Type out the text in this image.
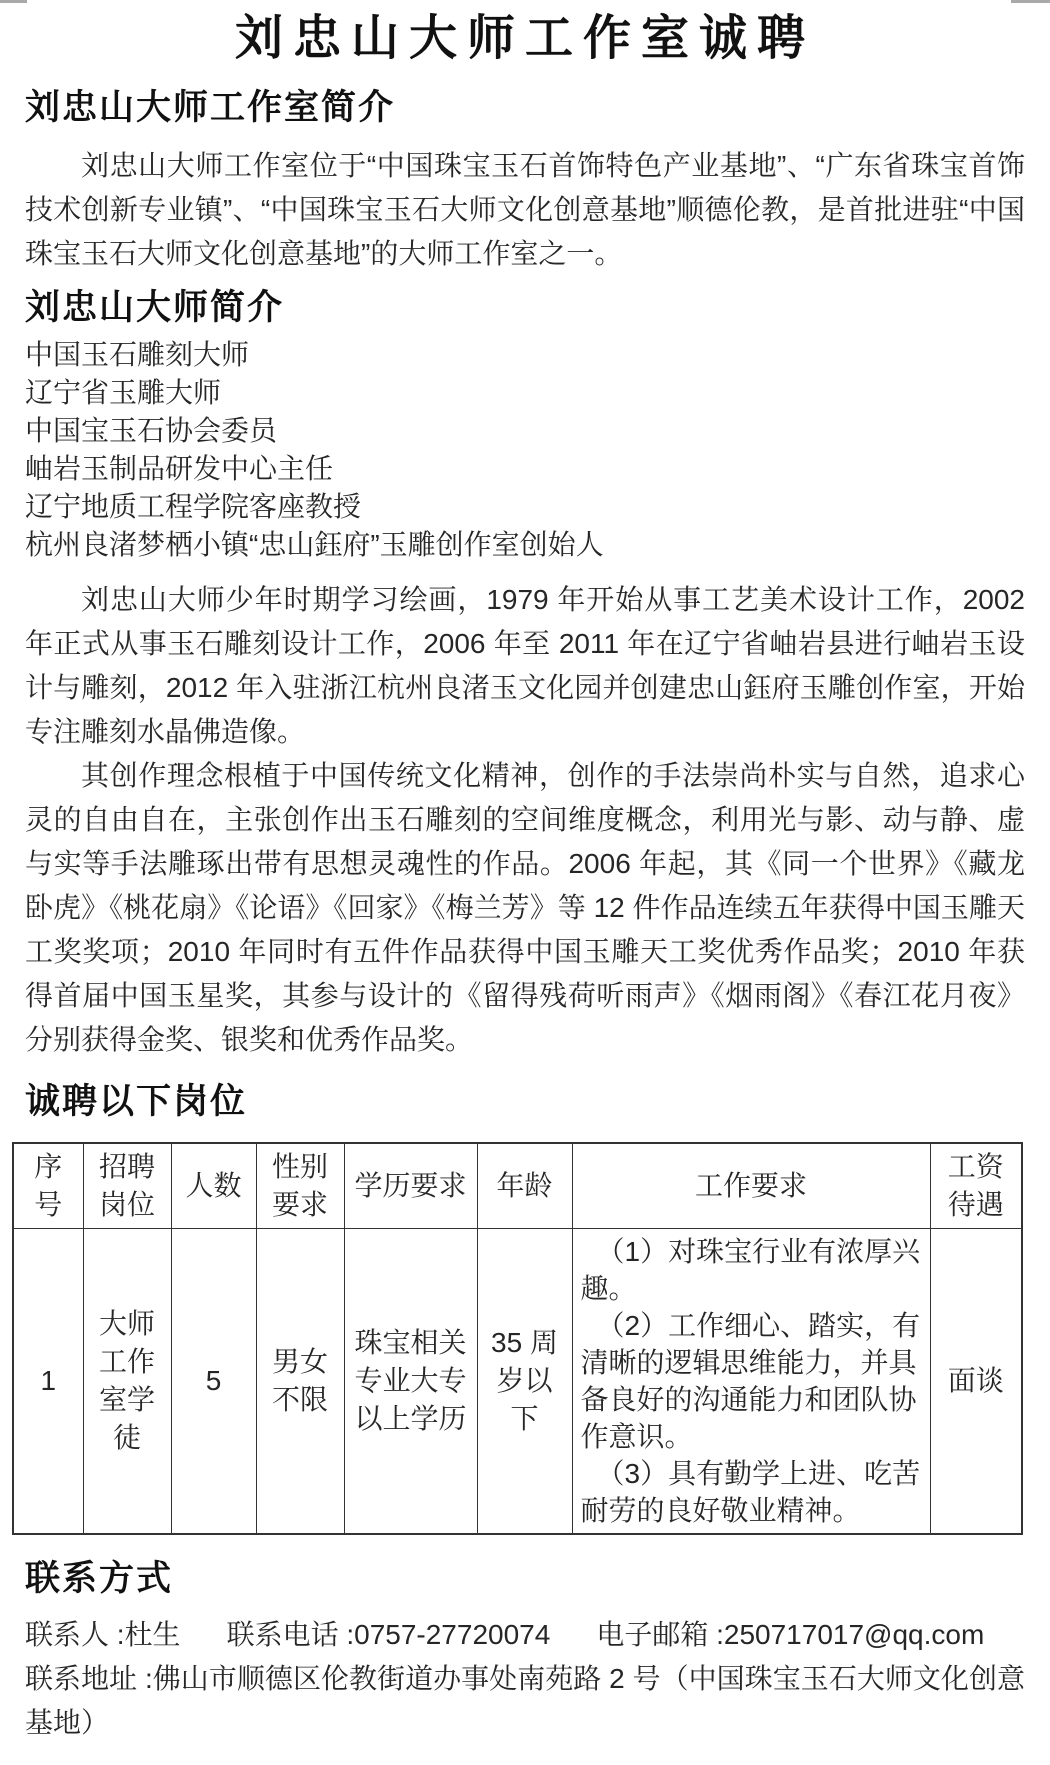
刘忠山大师工作室诚聘
刘忠山大师工作室简介

刘忠山大师工作室位于“中国珠宝玉石首饰特色产业基地”、“广东省珠宝首饰技术创新专业镇”、“中国珠宝玉石大师文化创意基地”顺德伦教，是首批进驻“中国珠宝玉石大师文化创意基地”的大师工作室之一。

刘忠山大师简介

中国玉石雕刻大师

辽宁省玉雕大师

中国宝玉石协会委员

岫岩玉制品研发中心主任

辽宁地质工程学院客座教授

杭州良渚梦栖小镇“忠山鈺府”玉雕创作室创始人

刘忠山大师少年时期学习绘画，1979 年开始从事工艺美术设计工作，2002 年正式从事玉石雕刻设计工作，2006 年至 2011 年在辽宁省岫岩县进行岫岩玉设计与雕刻，2012 年入驻浙江杭州良渚玉文化园并创建忠山鈺府玉雕创作室，开始专注雕刻水晶佛造像。

其创作理念根植于中国传统文化精神，创作的手法崇尚朴实与自然，追求心灵的自由自在，主张创作出玉石雕刻的空间维度概念，利用光与影、动与静、虚与实等手法雕琢出带有思想灵魂性的作品。2006 年起，其《同一个世界》《藏龙卧虎》《桃花扇》《论语》《回家》《梅兰芳》等 12 件作品连续五年获得中国玉雕天工奖奖项；2010 年同时有五件作品获得中国玉雕天工奖优秀作品奖；2010 年获得首届中国玉星奖，其参与设计的《留得残荷听雨声》《烟雨阁》《春江花月夜》分别获得金奖、银奖和优秀作品奖。

诚聘以下岗位
序号	招聘岗位	人数	性别要求	学历要求	年龄	工作要求	工资待遇
1	大师工作室学徒	5	男女不限	珠宝相关专业大专以上学历	35 周岁以下	（1）对珠宝行业有浓厚兴趣。

（2）工作细心、踏实，有清晰的逻辑思维能力，并具备良好的沟通能力和团队协作意识。

（3）具有勤学上进、吃苦耐劳的良好敬业精神。	面谈
联系方式

联系人 :杜生 联系电话 :0757-27720074 电子邮箱 :250717017@qq.com

联系地址 :佛山市顺德区伦教街道办事处南苑路 2 号（中国珠宝玉石大师文化创意基地）
